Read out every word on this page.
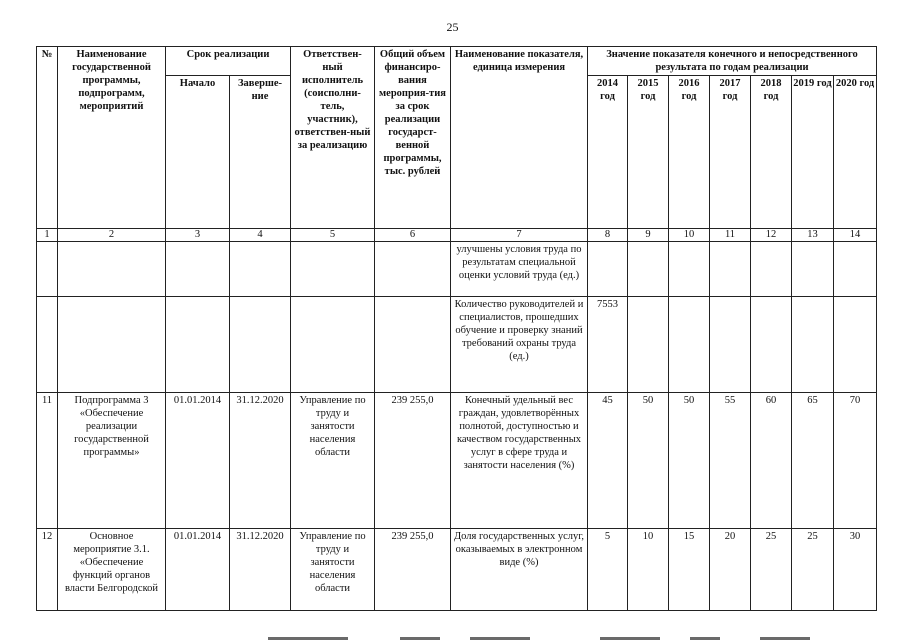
25
№	Наименование государственной программы, подпрограмм, мероприятий	Срок реализации		Ответствен-ный исполнитель (соисполни-тель, участник), ответствен-ный за реализацию	Общий объем финансиро-вания мероприя-тия за срок реализации государст-венной программы, тыс. рублей	Наименование показателя, единица измерения	Значение показателя конечного и непосредственного результата по годам реализации						
		Начало	Заверше-ние				2014 год	2015 год	2016 год	2017 год	2018 год	2019 год	2020 год
1	2	3	4	5	6	7	8	9	10	11	12	13	14
						улучшены условия труда по результатам специальной оценки условий труда (ед.)							
						Количество руководителей и специалистов, прошедших обучение и проверку знаний требований охраны труда (ед.)	7553						
11	Подпрограмма 3 «Обеспечение реализации государственной программы»	01.01.2014	31.12.2020	Управление по труду и занятости населения области	239 255,0	Конечный удельный вес граждан, удовлетворённых полнотой, доступностью и качеством государственных услуг в сфере труда и занятости населения (%)	45	50	50	55	60	65	70
12	Основное мероприятие 3.1. «Обеспечение функций органов власти Белгородской	01.01.2014	31.12.2020	Управление по труду и занятости населения области	239 255,0	Доля государственных услуг, оказываемых в электронном виде (%)	5	10	15	20	25	25	30
